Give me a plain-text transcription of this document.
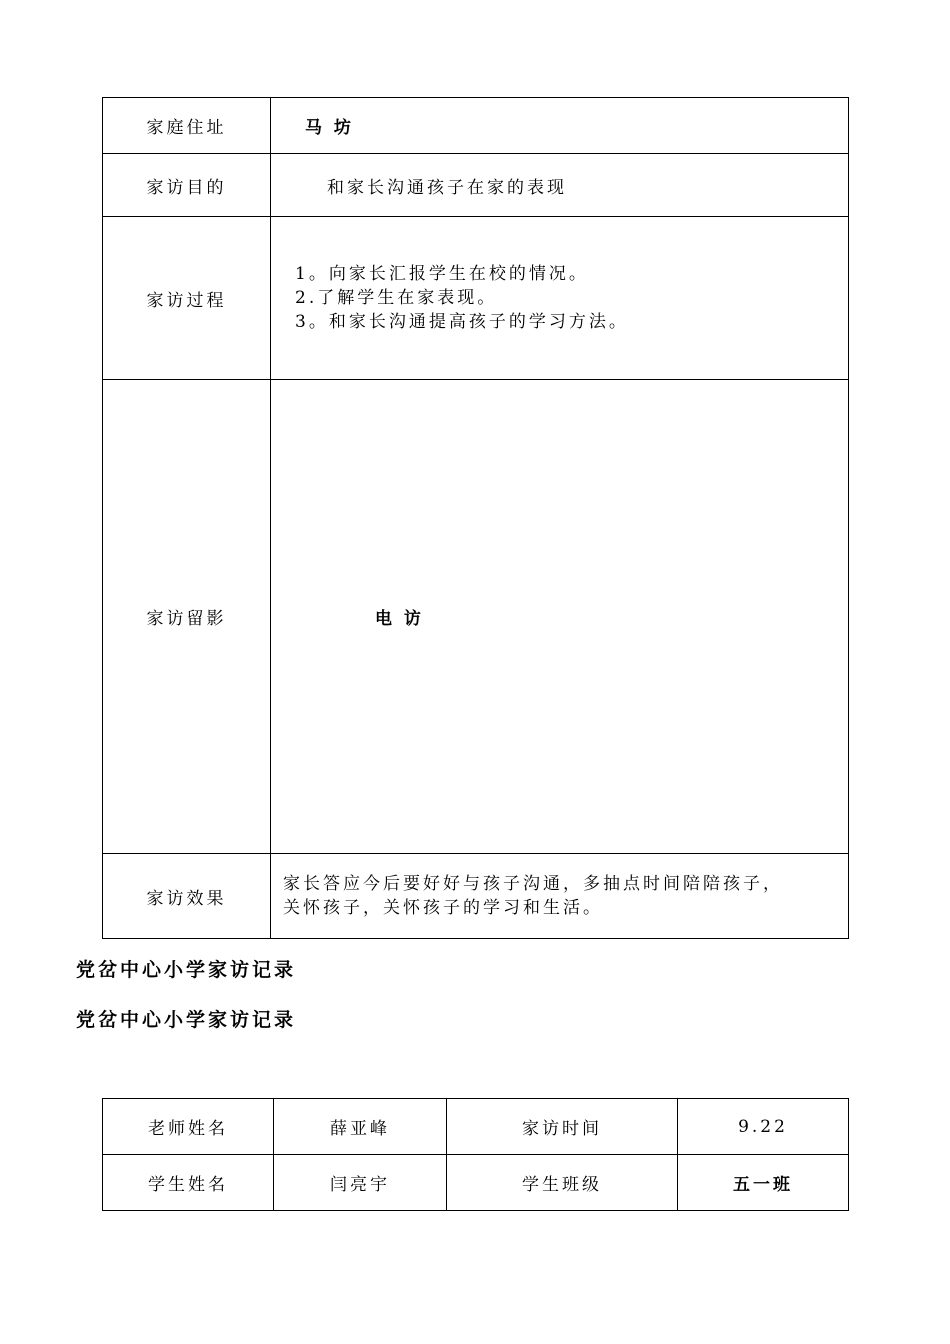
家庭住址	马 坊
家访目的	和家长沟通孩子在家的表现
家访过程	1。向家长汇报学生在校的情况。
2.了解学生在家表现。
3。和家长沟通提高孩子的学习方法。

家访留影	电 访
家访效果	家长答应今后要好好与孩子沟通，多抽点时间陪陪孩子，
关怀孩子，关怀孩子的学习和生活。
党岔中心小学家访记录
党岔中心小学家访记录
老师姓名	薛亚峰	家访时间	9.22
学生姓名	闫亮宇	学生班级	五一班
